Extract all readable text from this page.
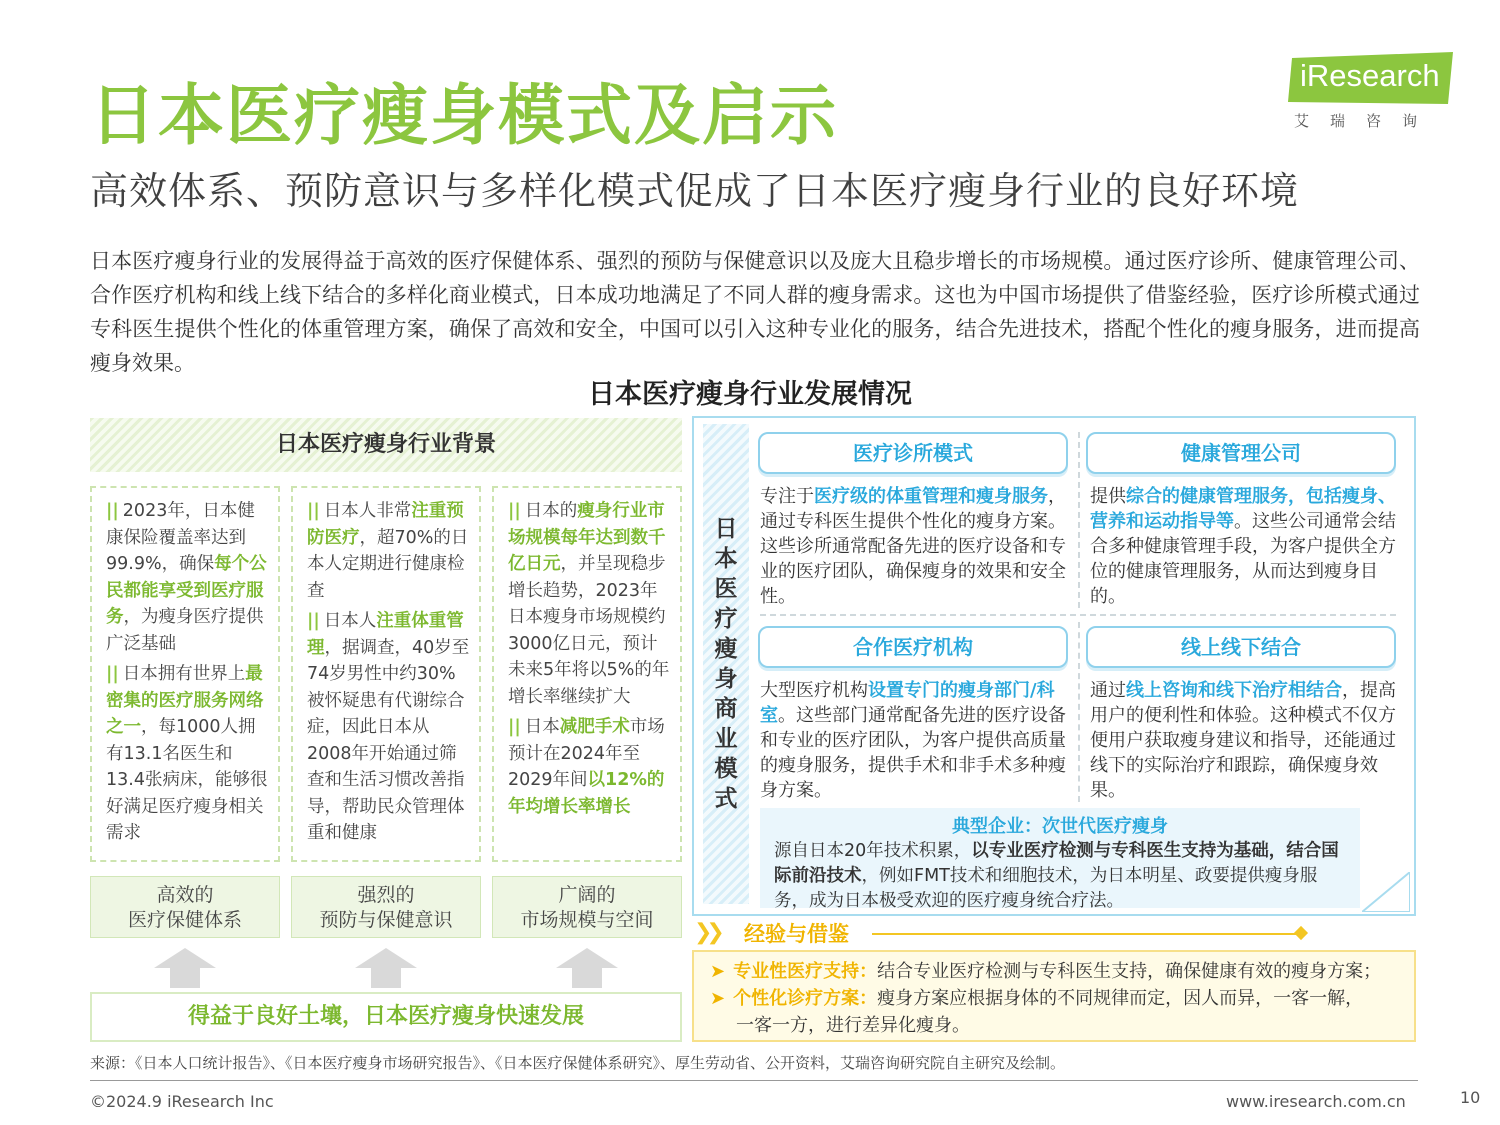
日本医疗瘦身模式及启示
高效体系、预防意识与多样化模式促成了日本医疗瘦身行业的良好环境
iResearch
艾瑞咨询
日本医疗瘦身行业的发展得益于高效的医疗保健体系、强烈的预防与保健意识以及庞大且稳步增长的市场规模。通过医疗诊所、健康管理公司、合作医疗机构和线上线下结合的多样化商业模式，日本成功地满足了不同人群的瘦身需求。这也为中国市场提供了借鉴经验，医疗诊所模式通过专科医生提供个性化的体重管理方案，确保了高效和安全，中国可以引入这种专业化的服务，结合先进技术，搭配个性化的瘦身服务，进而提高瘦身效果。
日本医疗瘦身行业发展情况
日本医疗瘦身行业背景

|| 2023年，日本健康保险覆盖率达到99.9%，确保每个公民都能享受到医疗服务，为瘦身医疗提供广泛基础

|| 日本拥有世界上最密集的医疗服务网络之一，每1000人拥有13.1名医生和13.4张病床，能够很好满足医疗瘦身相关需求

|| 日本人非常注重预防医疗，超70%的日本人定期进行健康检查

|| 日本人注重体重管理，据调查，40岁至74岁男性中约30%被怀疑患有代谢综合症，因此日本从2008年开始通过筛查和生活习惯改善指导，帮助民众管理体重和健康

|| 日本的瘦身行业市场规模每年达到数千亿日元，并呈现稳步增长趋势，2023年日本瘦身市场规模约3000亿日元，预计未来5年将以5%的年增长率继续扩大

|| 日本减肥手术市场预计在2024年至2029年间以12%的年均增长率增长

高效的
医疗保健体系
强烈的
预防与保健意识
广阔的
市场规模与空间
得益于良好土壤，日本医疗瘦身快速发展
日
本
医
疗
瘦
身
商
业
模
式
医疗诊所模式
专注于医疗级的体重管理和瘦身服务，通过专科医生提供个性化的瘦身方案。这些诊所通常配备先进的医疗设备和专业的医疗团队，确保瘦身的效果和安全性。
健康管理公司
提供综合的健康管理服务，包括瘦身、营养和运动指导等。这些公司通常会结合多种健康管理手段，为客户提供全方位的健康管理服务，从而达到瘦身目的。
合作医疗机构
大型医疗机构设置专门的瘦身部门/科室。这些部门通常配备先进的医疗设备和专业的医疗团队，为客户提供高质量的瘦身服务，提供手术和非手术多种瘦身方案。
线上线下结合
通过线上咨询和线下治疗相结合，提高用户的便利性和体验。这种模式不仅方便用户获取瘦身建议和指导，还能通过线下的实际治疗和跟踪，确保瘦身效果。
典型企业：次世代医疗瘦身
源自日本20年技术积累，以专业医疗检测与专科医生支持为基础，结合国际前沿技术，例如FMT技术和细胞技术，为日本明星、政要提供瘦身服务，成为日本极受欢迎的医疗瘦身统合疗法。
❯❯ 经验与借鉴
➤ 专业性医疗支持：结合专业医疗检测与专科医生支持，确保健康有效的瘦身方案；
➤ 个性化诊疗方案：瘦身方案应根据身体的不同规律而定，因人而异，一客一解，
一客一方，进行差异化瘦身。
来源：《日本人口统计报告》、《日本医疗瘦身市场研究报告》、《日本医疗保健体系研究》、厚生劳动省、公开资料，艾瑞咨询研究院自主研究及绘制。
©2024.9 iResearch Inc	www.iresearch.com.cn	10
